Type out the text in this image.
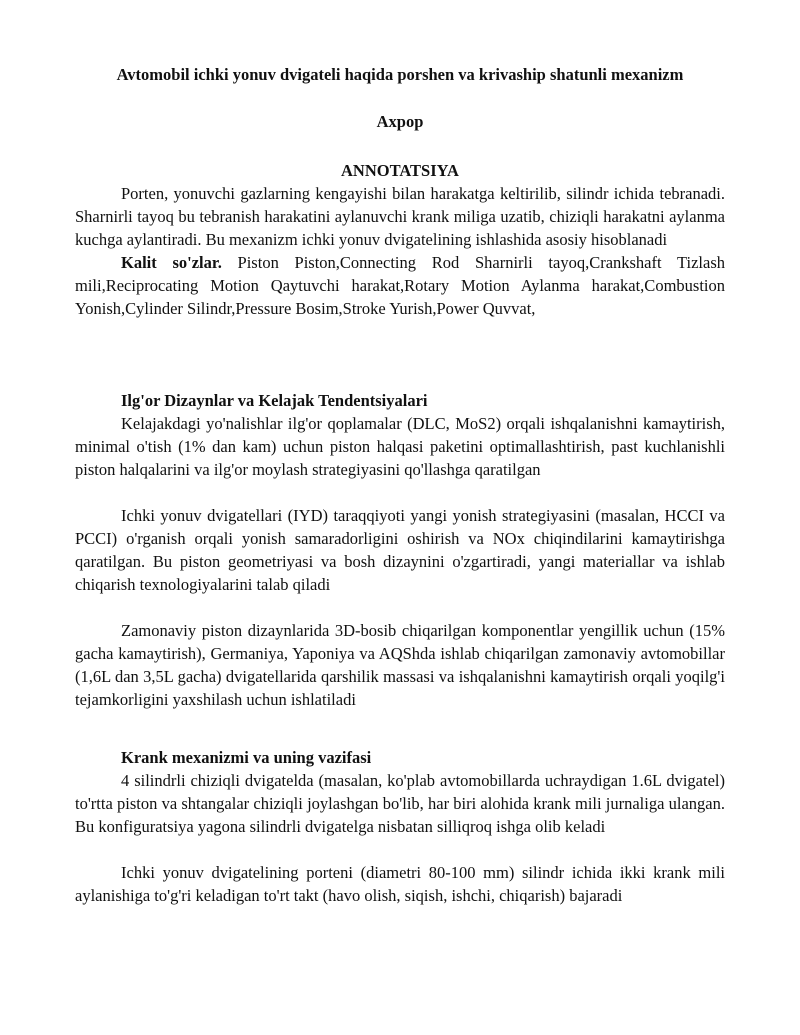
Avtomobil ichki yonuv dvigateli haqida porshen va krivaship shatunli mexanizm

Axpop

ANNOTATSIYA

Porten, yonuvchi gazlarning kengayishi bilan harakatga keltirilib, silindr ichida tebranadi. Sharnirli tayoq bu tebranish harakatini aylanuvchi krank miliga uzatib, chiziqli harakatni aylanma kuchga aylantiradi. Bu mexanizm ichki yonuv dvigatelining ishlashida asosiy hisoblanadi

Kalit so'zlar. Piston Piston,Connecting Rod Sharnirli tayoq,Crankshaft Tizlash mili,Reciprocating Motion Qaytuvchi harakat,Rotary Motion Aylanma harakat,Combustion Yonish,Cylinder Silindr,Pressure Bosim,Stroke Yurish,Power Quvvat,

Ilg'or Dizaynlar va Kelajak Tendentsiyalari

Kelajakdagi yo'nalishlar ilg'or qoplamalar (DLC, MoS2) orqali ishqalanishni kamaytirish, minimal o'tish (1% dan kam) uchun piston halqasi paketini optimallashtirish, past kuchlanishli piston halqalarini va ilg'or moylash strategiyasini qo'llashga qaratilgan

Ichki yonuv dvigatellari (IYD) taraqqiyoti yangi yonish strategiyasini (masalan, HCCI va PCCI) o'rganish orqali yonish samaradorligini oshirish va NOx chiqindilarini kamaytirishga qaratilgan. Bu piston geometriyasi va bosh dizaynini o'zgartiradi, yangi materiallar va ishlab chiqarish texnologiyalarini talab qiladi

Zamonaviy piston dizaynlarida 3D-bosib chiqarilgan komponentlar yengillik uchun (15% gacha kamaytirish), Germaniya, Yaponiya va AQShda ishlab chiqarilgan zamonaviy avtomobillar (1,6L dan 3,5L gacha) dvigatellarida qarshilik massasi va ishqalanishni kamaytirish orqali yoqilg'i tejamkorligini yaxshilash uchun ishlatiladi

Krank mexanizmi va uning vazifasi

4 silindrli chiziqli dvigatelda (masalan, ko'plab avtomobillarda uchraydigan 1.6L dvigatel) to'rtta piston va shtangalar chiziqli joylashgan bo'lib, har biri alohida krank mili jurnaliga ulangan. Bu konfiguratsiya yagona silindrli dvigatelga nisbatan silliqroq ishga olib keladi

Ichki yonuv dvigatelining porteni (diametri 80-100 mm) silindr ichida ikki krank mili aylanishiga to'g'ri keladigan to'rt takt (havo olish, siqish, ishchi, chiqarish) bajaradi
